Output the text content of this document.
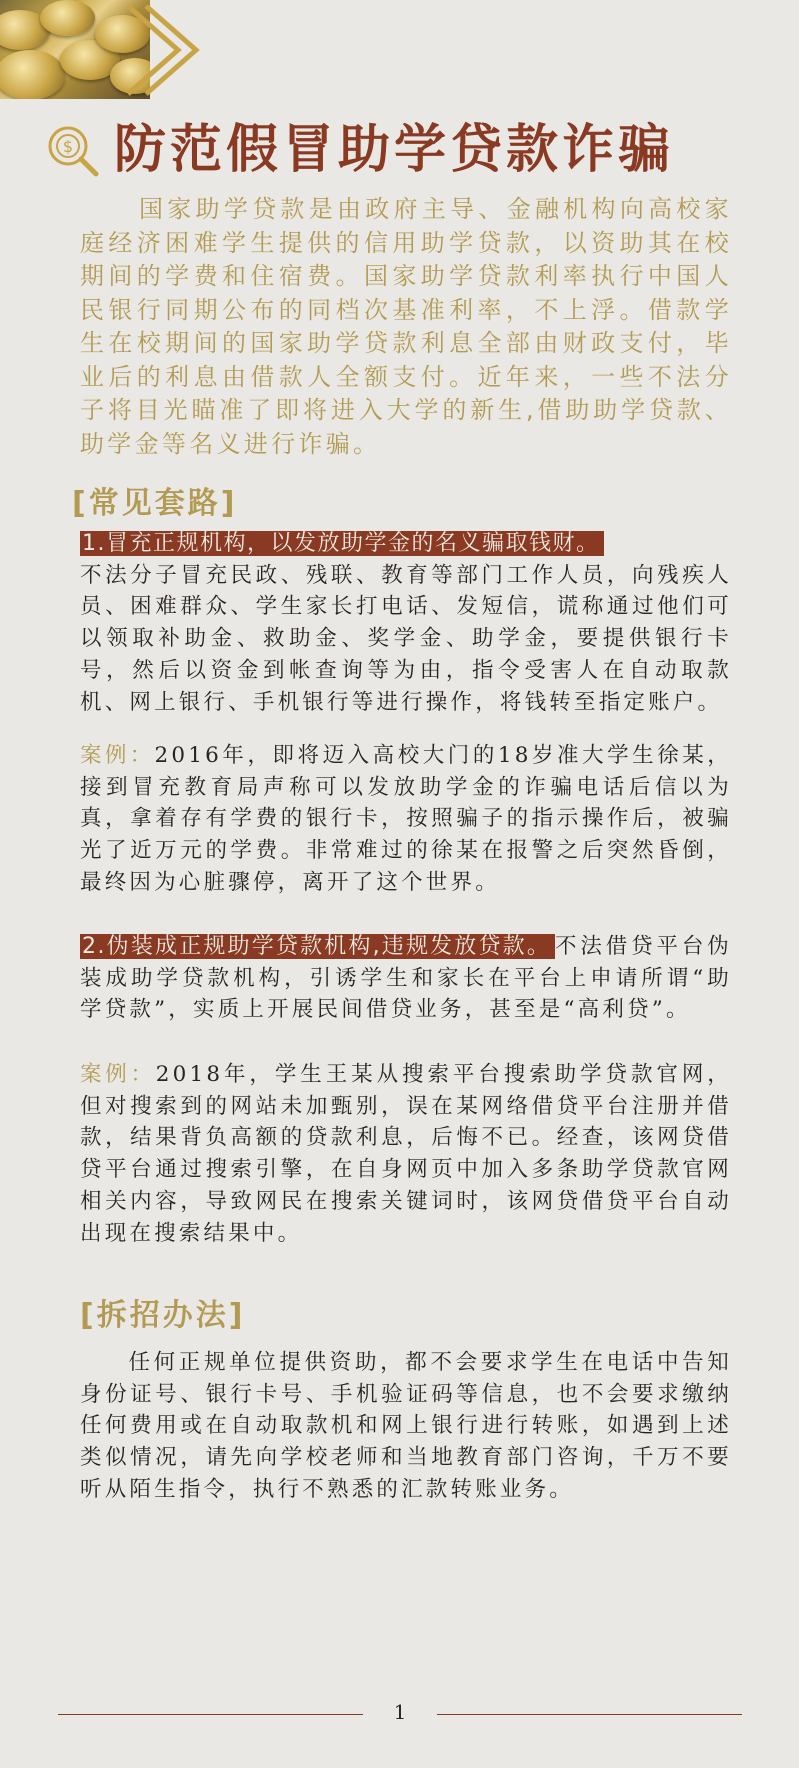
$ 防范假冒助学贷款诈骗

国家助学贷款是由政府主导、金融机构向高校家庭经济困难学生提供的信用助学贷款，以资助其在校期间的学费和住宿费。国家助学贷款利率执行中国人民银行同期公布的同档次基准利率，不上浮。借款学生在校期间的国家助学贷款利息全部由财政支付，毕业后的利息由借款人全额支付。近年来，一些不法分子将目光瞄准了即将进入大学的新生,借助助学贷款、助学金等名义进行诈骗。

[常见套路]

1.冒充正规机构，以发放助学金的名义骗取钱财。
不法分子冒充民政、残联、教育等部门工作人员，向残疾人员、困难群众、学生家长打电话、发短信，谎称通过他们可以领取补助金、救助金、奖学金、助学金，要提供银行卡号，然后以资金到帐查询等为由，指令受害人在自动取款机、网上银行、手机银行等进行操作，将钱转至指定账户。

案例：2016年，即将迈入高校大门的18岁准大学生徐某，接到冒充教育局声称可以发放助学金的诈骗电话后信以为真，拿着存有学费的银行卡，按照骗子的指示操作后，被骗光了近万元的学费。非常难过的徐某在报警之后突然昏倒，最终因为心脏骤停，离开了这个世界。

2.伪装成正规助学贷款机构,违规发放贷款。 不法借贷平台伪装成助学贷款机构，引诱学生和家长在平台上申请所谓“助学贷款”，实质上开展民间借贷业务，甚至是“高利贷”。

案例：2018年，学生王某从搜索平台搜索助学贷款官网，但对搜索到的网站未加甄别，误在某网络借贷平台注册并借款，结果背负高额的贷款利息，后悔不已。经查，该网贷借贷平台通过搜索引擎，在自身网页中加入多条助学贷款官网相关内容，导致网民在搜索关键词时，该网贷借贷平台自动出现在搜索结果中。

[拆招办法]

任何正规单位提供资助，都不会要求学生在电话中告知身份证号、银行卡号、手机验证码等信息，也不会要求缴纳任何费用或在自动取款机和网上银行进行转账，如遇到上述类似情况，请先向学校老师和当地教育部门咨询，千万不要听从陌生指令，执行不熟悉的汇款转账业务。

1
